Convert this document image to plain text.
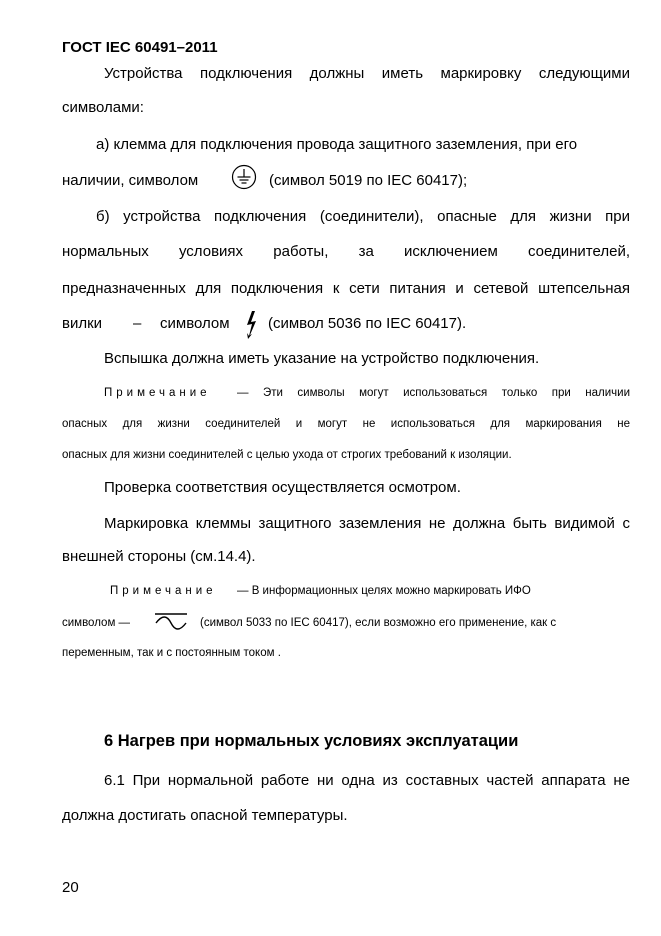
ГОСТ IEC 60491–2011
Устройства подключения должны иметь маркировку следующими
символами:
а) клемма для подключения провода защитного заземления, при его
наличии, символом	(символ 5019 по IEC 60417);
б) устройства подключения (соединители), опасные для жизни при
нормальных условиях работы, за исключением соединителей,
предназначенных для подключения к сети питания и сетевой штепсельная
вилки – символом	(символ 5036 по IEC 60417).
Вспышка должна иметь указание на устройство подключения.
Примечание — Эти символы могут использоваться только при наличии
опасных для жизни соединителей и могут не использоваться для маркирования не
опасных для жизни соединителей с целью ухода от строгих требований к изоляции.
Проверка соответствия осуществляется осмотром.
Маркировка клеммы защитного заземления не должна быть видимой с
внешней стороны (см.14.4).
Примечание — В информационных целях можно маркировать ИФО
символом —	(символ 5033 по IEC 60417), если возможно его применение, как с
переменным, так и с постоянным током .
6 Нагрев при нормальных условиях эксплуатации
6.1 При нормальной работе ни одна из составных частей аппарата не
должна достигать опасной температуры.
20
